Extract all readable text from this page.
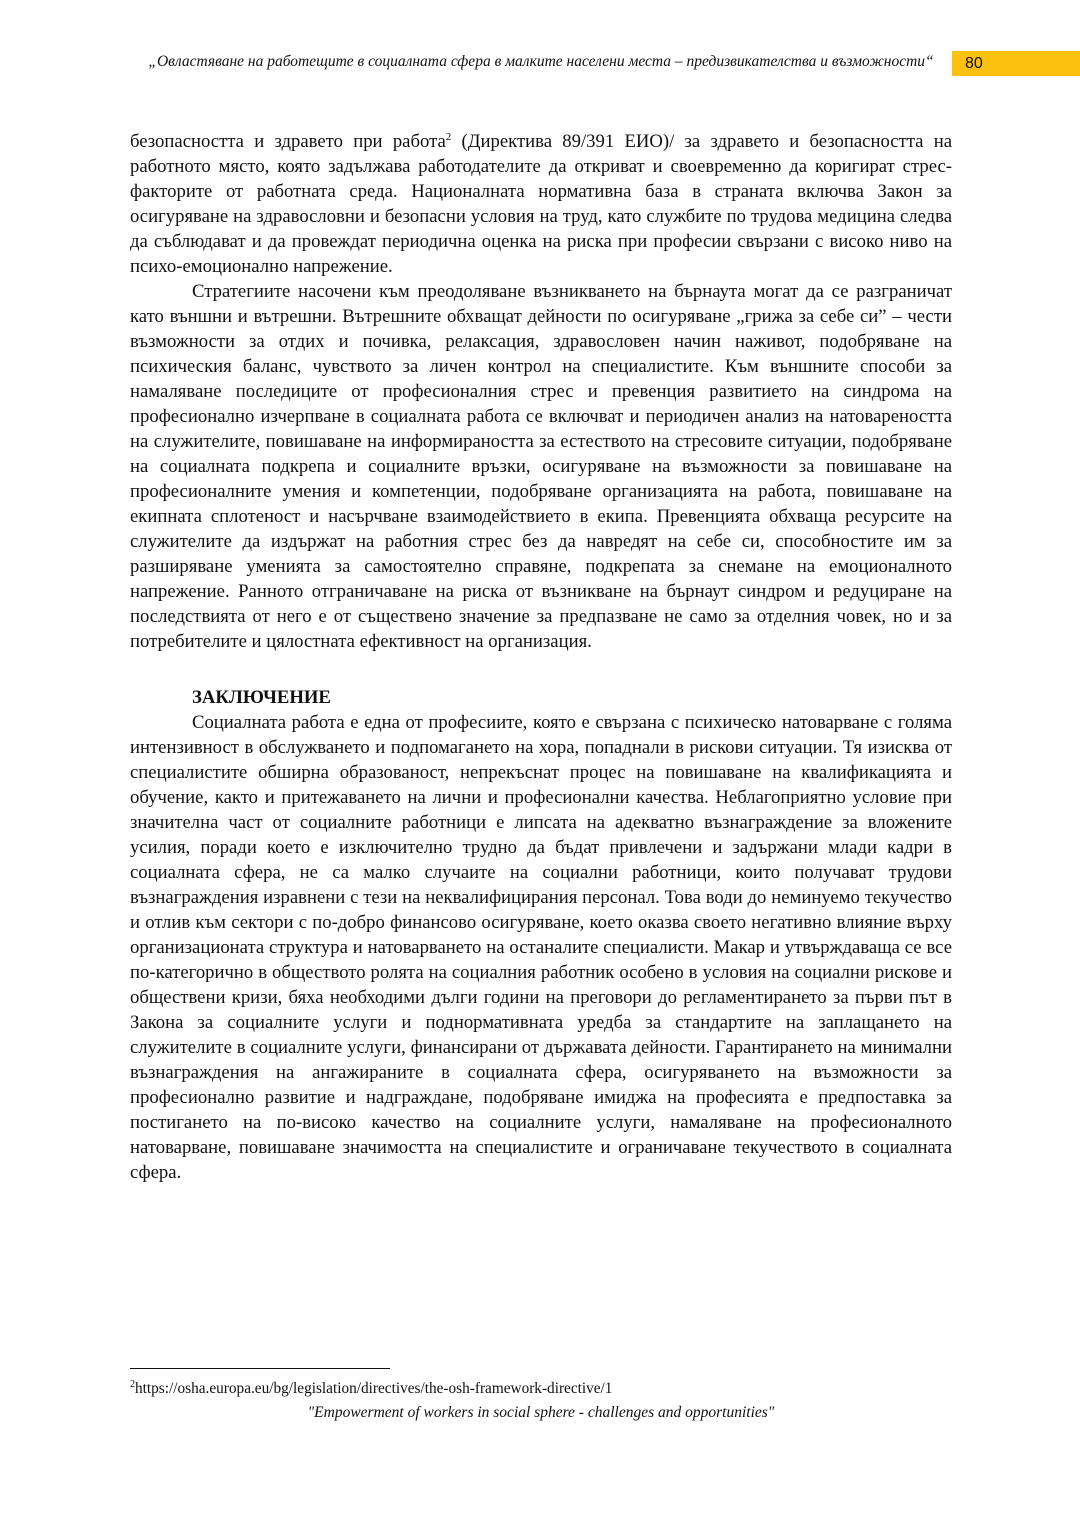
„Овластяване на работещите в социалната сфера в малките населени места – предизвикателства и възможности“	80

безопасността и здравето при работа$^2$ (Директива 89/391 ЕИО)/ за здравето и безопасността на работното място, която задължава работодателите да откриват и своевременно да коригират стрес-факторите от работната среда. Националната нормативна база в страната включва Закон за осигуряване на здравословни и безопасни условия на труд, като службите по трудова медицина следва да съблюдават и да провеждат периодична оценка на риска при професии свързани с високо ниво на психо-емоционално напрежение.

Стратегиите насочени към преодоляване възникването на бърнаута могат да се разграничат като външни и вътрешни. Вътрешните обхващат дейности по осигуряване „грижа за себе си” – чести възможности за отдих и почивка, релаксация, здравословен начин наживот, подобряване на психическия баланс, чувството за личен контрол на специалистите. Към външните способи за намаляване последиците от професионалния стрес и превенция развитието на синдрома на професионално изчерпване в социалната работа се включват и периодичен анализ на натовареността на служителите, повишаване на информираността за естеството на стресовите ситуации, подобряване на социалната подкрепа и социалните връзки, осигуряване на възможности за повишаване на професионалните умения и компетенции, подобряване организацията на работа, повишаване на екипната сплотеност и насърчване взаимодействието в екипа. Превенцията обхваща ресурсите на служителите да издържат на работния стрес без да навредят на себе си, способностите им за разширяване уменията за самостоятелно справяне, подкрепата за снемане на емоционалното напрежение. Ранното отграничаване на риска от възникване на бърнаут синдром и редуциране на последствията от него е от съществено значение за предпазване не само за отделния човек, но и за потребителите и цялостната ефективност на организация.

ЗАКЛЮЧЕНИЕ

Социалната работа е една от професиите, която е свързана с психическо натоварване с голяма интензивност в обслужването и подпомагането на хора, попаднали в рискови ситуации. Тя изисква от специалистите обширна образованост, непрекъснат процес на повишаване на квалификацията и обучение, както и притежаването на лични и професионални качества. Неблагоприятно условие при значителна част от социалните работници е липсата на адекватно възнаграждение за вложените усилия, поради което е изключително трудно да бъдат привлечени и задържани млади кадри в социалната сфера, не са малко случаите на социални работници, които получават трудови възнаграждения изравнени с тези на неквалифицирания персонал. Това води до неминуемо текучество и отлив към сектори с по-добро финансово осигуряване, което оказва своето негативно влияние върху организационата структура и натоварването на останалите специалисти. Макар и утвърждаваща се все по-категорично в обществото ролята на социалния работник особено в условия на социални рискове и обществени кризи, бяха необходими дълги години на преговори до регламентирането за първи път в Закона за социалните услуги и поднормативната уредба за стандартите на заплащането на служителите в социалните услуги, финансирани от държавата дейности. Гарантирането на минимални възнаграждения на ангажираните в социалната сфера, осигуряването на възможности за професионално развитие и надграждане, подобряване имиджа на професията е предпоставка за постигането на по-високо качество на социалните услуги, намаляване на професионалното натоварване, повишаване значимостта на специалистите и ограничаване текучеството в социалната сфера.

$^2$https://osha.europa.eu/bg/legislation/directives/the-osh-framework-directive/1
"Empowerment of workers in social sphere - challenges and opportunities"
